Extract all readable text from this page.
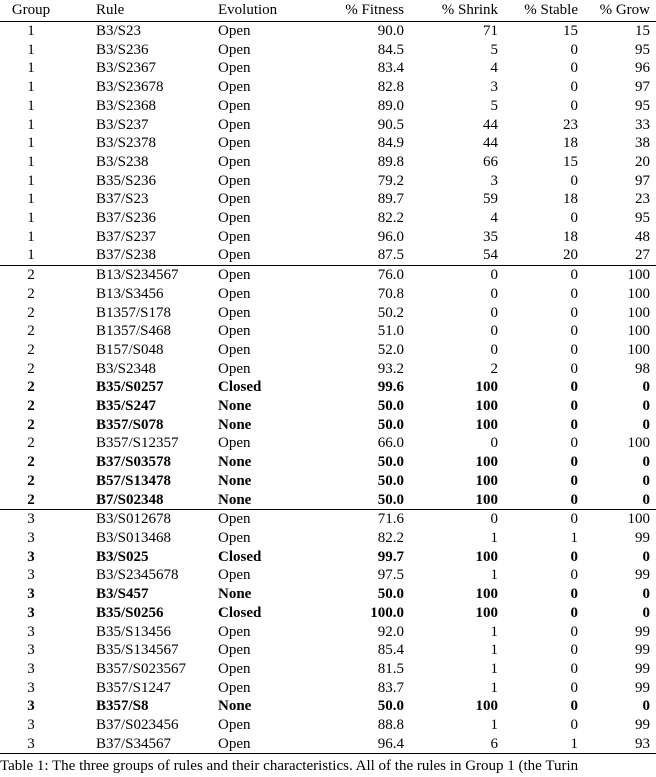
Group	Rule	Evolution	% Fitness	% Shrink	% Stable	% Grow
1	B3/S23	Open	90.0	71	15	15
1	B3/S236	Open	84.5	5	0	95
1	B3/S2367	Open	83.4	4	0	96
1	B3/S23678	Open	82.8	3	0	97
1	B3/S2368	Open	89.0	5	0	95
1	B3/S237	Open	90.5	44	23	33
1	B3/S2378	Open	84.9	44	18	38
1	B3/S238	Open	89.8	66	15	20
1	B35/S236	Open	79.2	3	0	97
1	B37/S23	Open	89.7	59	18	23
1	B37/S236	Open	82.2	4	0	95
1	B37/S237	Open	96.0	35	18	48
1	B37/S238	Open	87.5	54	20	27
2	B13/S234567	Open	76.0	0	0	100
2	B13/S3456	Open	70.8	0	0	100
2	B1357/S178	Open	50.2	0	0	100
2	B1357/S468	Open	51.0	0	0	100
2	B157/S048	Open	52.0	0	0	100
2	B3/S2348	Open	93.2	2	0	98
2	B35/S0257	Closed	99.6	100	0	0
2	B35/S247	None	50.0	100	0	0
2	B357/S078	None	50.0	100	0	0
2	B357/S12357	Open	66.0	0	0	100
2	B37/S03578	None	50.0	100	0	0
2	B57/S13478	None	50.0	100	0	0
2	B7/S02348	None	50.0	100	0	0
3	B3/S012678	Open	71.6	0	0	100
3	B3/S013468	Open	82.2	1	1	99
3	B3/S025	Closed	99.7	100	0	0
3	B3/S2345678	Open	97.5	1	0	99
3	B3/S457	None	50.0	100	0	0
3	B35/S0256	Closed	100.0	100	0	0
3	B35/S13456	Open	92.0	1	0	99
3	B35/S134567	Open	85.4	1	0	99
3	B357/S023567	Open	81.5	1	0	99
3	B357/S1247	Open	83.7	1	0	99
3	B357/S8	None	50.0	100	0	0
3	B37/S023456	Open	88.8	1	0	99
3	B37/S34567	Open	96.4	6	1	93
Table 1: The three groups of rules and their characteristics. All of the rules in Group 1 (the Turin
